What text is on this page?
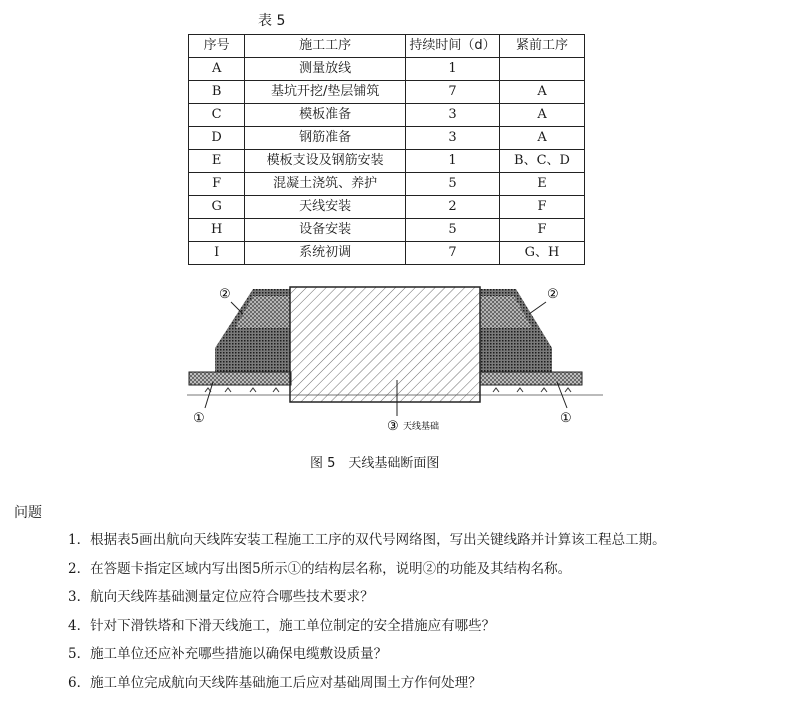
表 5
序号	施工工序	持续时间（d）	紧前工序
A	测量放线	1	
B	基坑开挖/垫层铺筑	7	A
C	模板准备	3	A
D	钢筋准备	3	A
E	模板支设及钢筋安装	1	B、C、D
F	混凝土浇筑、养护	5	E
G	天线安装	2	F
H	设备安装	5	F
I	系统初调	7	G、H
②	②
①	①
③ 天线基础
图 5　天线基础断面图
问题
1．根据表5画出航向天线阵安装工程施工工序的双代号网络图，写出关键线路并计算该工程总工期。
2．在答题卡指定区域内写出图5所示①的结构层名称，说明②的功能及其结构名称。
3．航向天线阵基础测量定位应符合哪些技术要求？
4．针对下滑铁塔和下滑天线施工，施工单位制定的安全措施应有哪些？
5．施工单位还应补充哪些措施以确保电缆敷设质量？
6．施工单位完成航向天线阵基础施工后应对基础周围土方作何处理？
